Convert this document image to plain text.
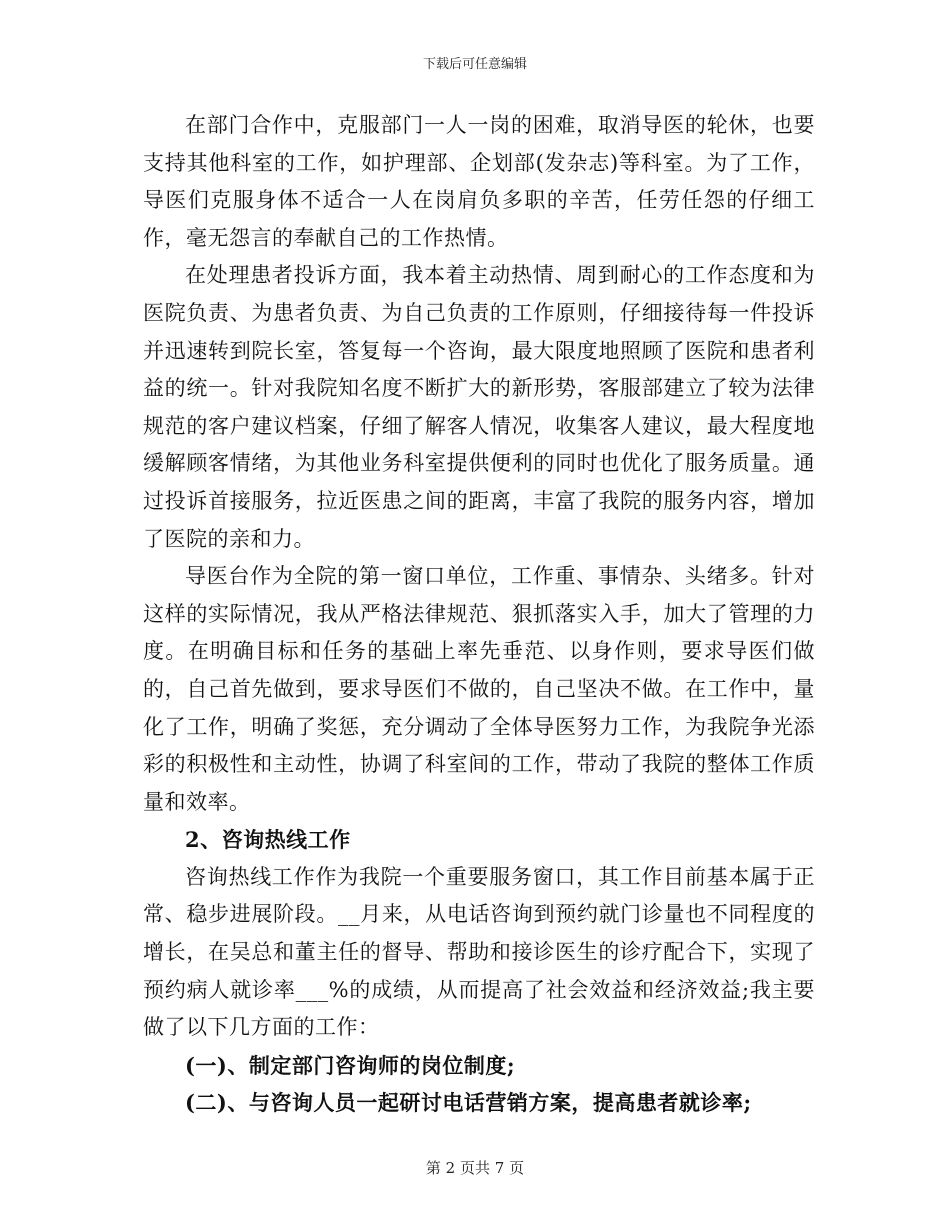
下载后可任意编辑

在部门合作中，克服部门一人一岗的困难，取消导医的轮休，也要支持其他科室的工作，如护理部、企划部(发杂志)等科室。为了工作，导医们克服身体不适合一人在岗肩负多职的辛苦，任劳任怨的仔细工作，毫无怨言的奉献自己的工作热情。

在处理患者投诉方面，我本着主动热情、周到耐心的工作态度和为医院负责、为患者负责、为自己负责的工作原则，仔细接待每一件投诉并迅速转到院长室，答复每一个咨询，最大限度地照顾了医院和患者利益的统一。针对我院知名度不断扩大的新形势，客服部建立了较为法律规范的客户建议档案，仔细了解客人情况，收集客人建议，最大程度地缓解顾客情绪，为其他业务科室提供便利的同时也优化了服务质量。通过投诉首接服务，拉近医患之间的距离，丰富了我院的服务内容，增加了医院的亲和力。

导医台作为全院的第一窗口单位，工作重、事情杂、头绪多。针对这样的实际情况，我从严格法律规范、狠抓落实入手，加大了管理的力度。在明确目标和任务的基础上率先垂范、以身作则，要求导医们做的，自己首先做到，要求导医们不做的，自己坚决不做。在工作中，量化了工作，明确了奖惩，充分调动了全体导医努力工作，为我院争光添彩的积极性和主动性，协调了科室间的工作，带动了我院的整体工作质量和效率。

2、咨询热线工作

咨询热线工作作为我院一个重要服务窗口，其工作目前基本属于正常、稳步进展阶段。__月来，从电话咨询到预约就门诊量也不同程度的增长，在吴总和董主任的督导、帮助和接诊医生的诊疗配合下，实现了预约病人就诊率___%的成绩，从而提高了社会效益和经济效益;我主要做了以下几方面的工作：

(一)、制定部门咨询师的岗位制度;

(二)、与咨询人员一起研讨电话营销方案，提高患者就诊率;

第 2 页共 7 页
